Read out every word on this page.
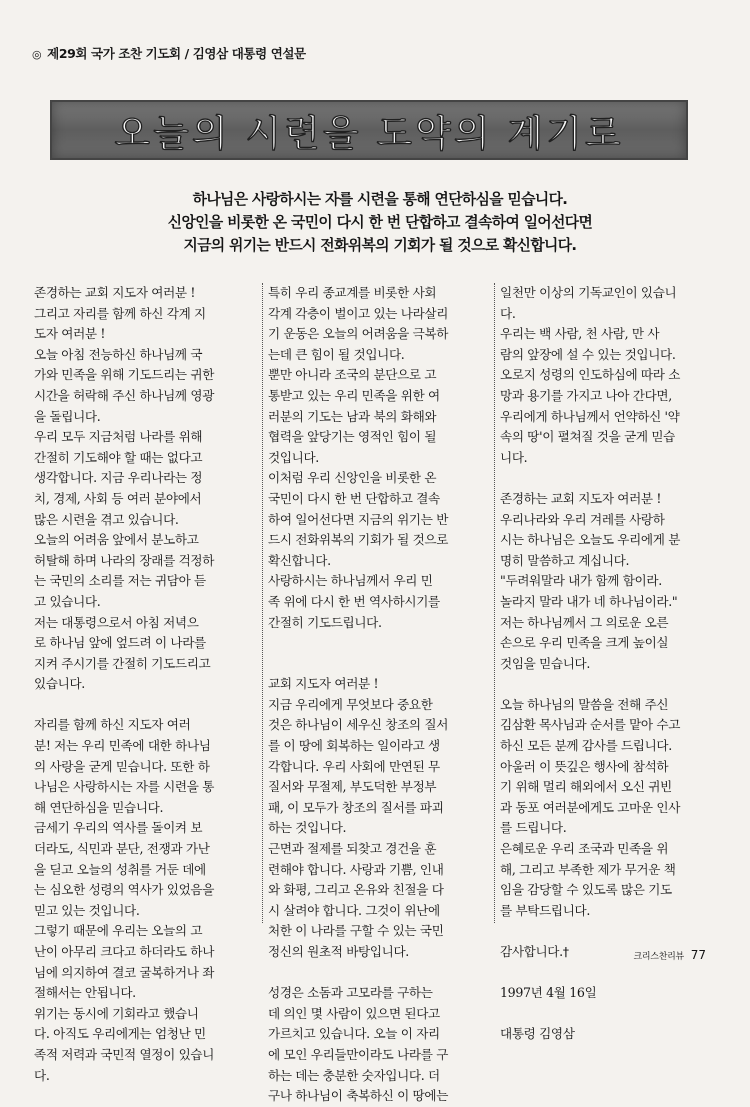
◎ 제29회 국가 조찬 기도회 / 김영삼 대통령 연설문
오늘의 시련을 도약의 계기로
하나님은 사랑하시는 자를 시련을 통해 연단하심을 믿습니다.
신앙인을 비롯한 온 국민이 다시 한 번 단합하고 결속하여 일어선다면
지금의 위기는 반드시 전화위복의 기회가 될 것으로 확신합니다.
존경하는 교회 지도자 여러분 !
그리고 자리를 함께 하신 각계 지
도자 여러분 !
오늘 아침 전능하신 하나님께 국
가와 민족을 위해 기도드리는 귀한
시간을 허락해 주신 하나님께 영광
을 돌립니다.
우리 모두 지금처럼 나라를 위해
간절히 기도해야 할 때는 없다고
생각합니다. 지금 우리나라는 정
치, 경제, 사회 등 여러 분야에서
많은 시련을 겪고 있습니다.
오늘의 어려움 앞에서 분노하고
허탈해 하며 나라의 장래를 걱정하
는 국민의 소리를 저는 귀담아 듣
고 있습니다.
저는 대통령으로서 아침 저녁으
로 하나님 앞에 엎드려 이 나라를
지켜 주시기를 간절히 기도드리고
있습니다.
자리를 함께 하신 지도자 여러
분! 저는 우리 민족에 대한 하나님
의 사랑을 굳게 믿습니다. 또한 하
나님은 사랑하시는 자를 시련을 통
해 연단하심을 믿습니다.
금세기 우리의 역사를 돌이켜 보
더라도, 식민과 분단, 전쟁과 가난
을 딛고 오늘의 성취를 거둔 데에
는 심오한 성령의 역사가 있었음을
믿고 있는 것입니다.
그렇기 때문에 우리는 오늘의 고
난이 아무리 크다고 하더라도 하나
님에 의지하여 결코 굴복하거나 좌
절해서는 안됩니다.
위기는 동시에 기회라고 했습니
다. 아직도 우리에게는 엄청난 민
족적 저력과 국민적 열정이 있습니
다.
특히 우리 종교계를 비롯한 사회
각계 각층이 벌이고 있는 나라살리
기 운동은 오늘의 어려움을 극복하
는데 큰 힘이 될 것입니다.
뿐만 아니라 조국의 분단으로 고
통받고 있는 우리 민족을 위한 여
러분의 기도는 남과 북의 화해와
협력을 앞당기는 영적인 힘이 될
것입니다.
이처럼 우리 신앙인을 비롯한 온
국민이 다시 한 번 단합하고 결속
하여 일어선다면 지금의 위기는 반
드시 전화위복의 기회가 될 것으로
확신합니다.
사랑하시는 하나님께서 우리 민
족 위에 다시 한 번 역사하시기를
간절히 기도드립니다.
교회 지도자 여러분 !
지금 우리에게 무엇보다 중요한
것은 하나님이 세우신 창조의 질서
를 이 땅에 회복하는 일이라고 생
각합니다. 우리 사회에 만연된 무
질서와 무절제, 부도덕한 부정부
패, 이 모두가 창조의 질서를 파괴
하는 것입니다.
근면과 절제를 되찾고 경건을 훈
련해야 합니다. 사랑과 기쁨, 인내
와 화평, 그리고 온유와 친절을 다
시 살려야 합니다. 그것이 위난에
처한 이 나라를 구할 수 있는 국민
정신의 원초적 바탕입니다.
성경은 소돔과 고모라를 구하는
데 의인 몇 사람이 있으면 된다고
가르치고 있습니다. 오늘 이 자리
에 모인 우리들만이라도 나라를 구
하는 데는 충분한 숫자입니다. 더
구나 하나님이 축복하신 이 땅에는
일천만 이상의 기독교인이 있습니
다.
우리는 백 사람, 천 사람, 만 사
람의 앞장에 설 수 있는 것입니다.
오로지 성령의 인도하심에 따라 소
망과 용기를 가지고 나아 간다면,
우리에게 하나님께서 언약하신 '약
속의 땅'이 펼쳐질 것을 굳게 믿습
니다.
존경하는 교회 지도자 여러분 !
우리나라와 우리 겨레를 사랑하
시는 하나님은 오늘도 우리에게 분
명히 말씀하고 계십니다.
"두려워말라 내가 함께 함이라.
놀라지 말라 내가 네 하나님이라."
저는 하나님께서 그 의로운 오른
손으로 우리 민족을 크게 높이실
것임을 믿습니다.
오늘 하나님의 말씀을 전해 주신
김삼환 목사님과 순서를 맡아 수고
하신 모든 분께 감사를 드립니다.
아울러 이 뜻깊은 행사에 참석하
기 위해 멀리 해외에서 오신 귀빈
과 동포 여러분에게도 고마운 인사
를 드립니다.
은혜로운 우리 조국과 민족을 위
해, 그리고 부족한 제가 무거운 책
임을 감당할 수 있도록 많은 기도
를 부탁드립니다.
감사합니다.†
1997년 4월 16일
대통령 김영삼
크리스찬리뷰 77
